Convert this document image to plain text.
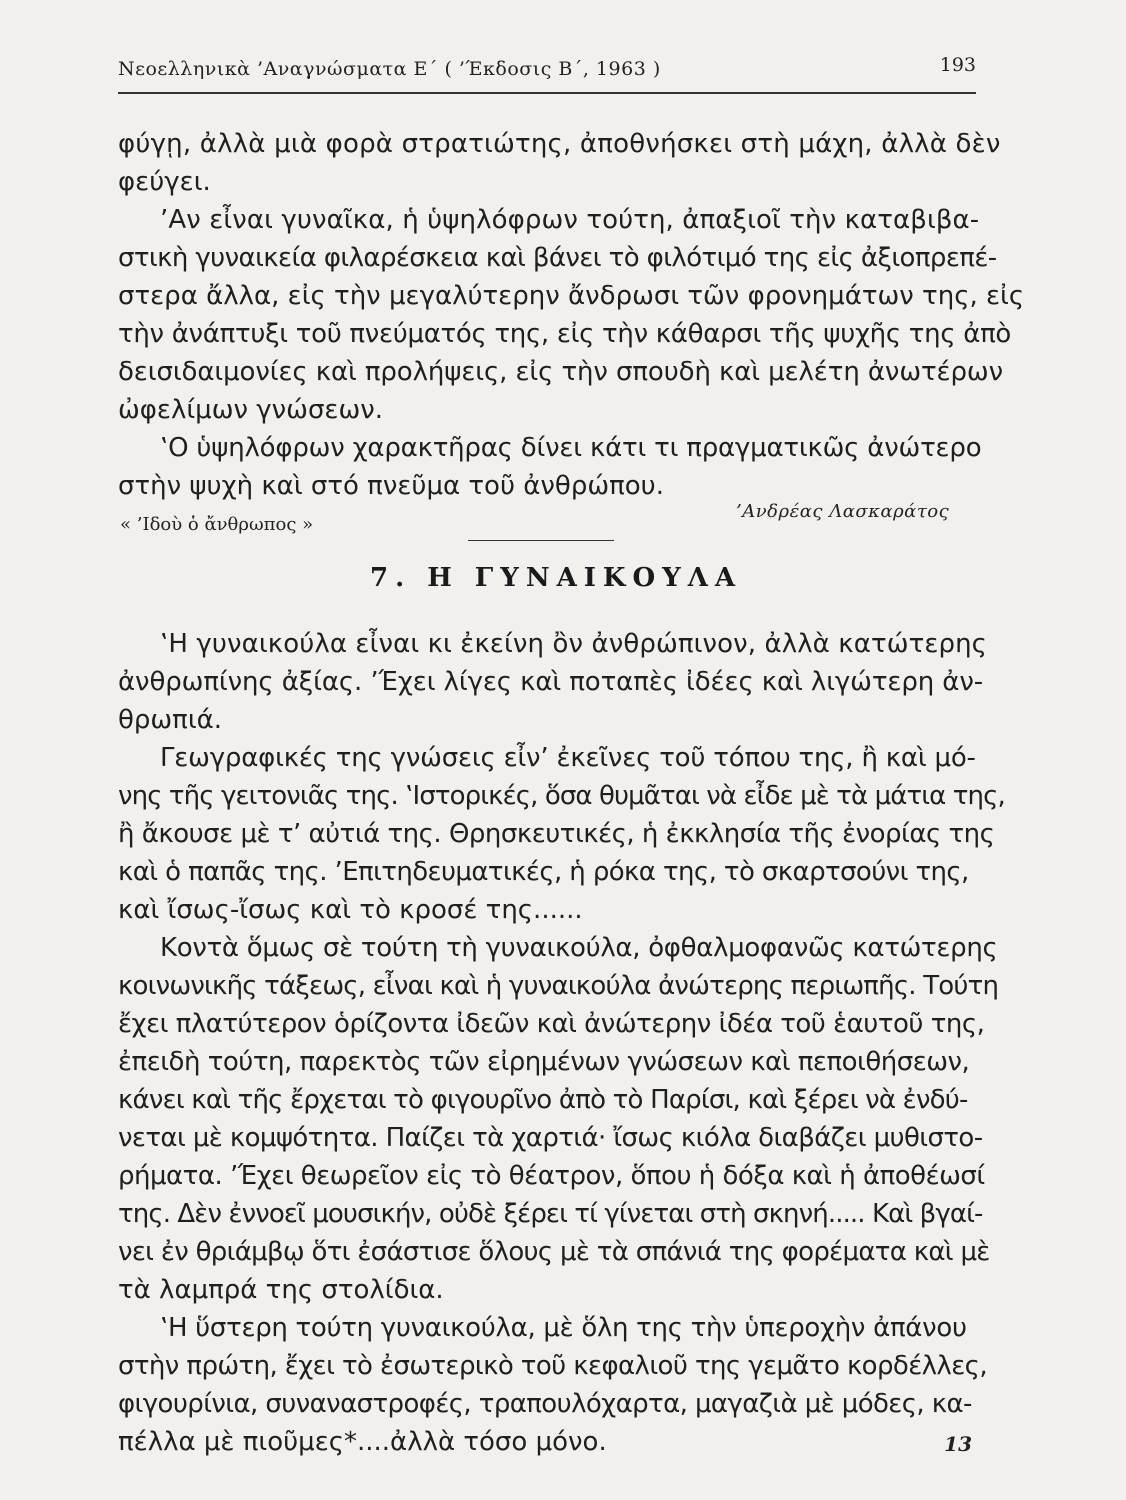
Νεοελληνικὰ ’Αναγνώσματα Ε΄ ( ’Έκδοσις Β΄, 1963 )	193
φύγῃ, ἀλλὰ μιὰ φορὰ στρατιώτης, ἀποθνήσκει στὴ μάχη, ἀλλὰ δὲν
φεύγει.
’Αν εἶναι γυναῖκα, ἡ ὑψηλόφρων τούτη, ἀπαξιοῖ τὴν καταβιβα-
στικὴ γυναικεία φιλαρέσκεια καὶ βάνει τὸ φιλότιμό της εἰς ἀξιοπρεπέ-
στερα ἄλλα, εἰς τὴν μεγαλύτερην ἄνδρωσι τῶν φρονημάτων της, εἰς
τὴν ἀνάπτυξι τοῦ πνεύματός της, εἰς τὴν κάθαρσι τῆς ψυχῆς της ἀπὸ
δεισιδαιμονίες καὶ προλήψεις, εἰς τὴν σπουδὴ καὶ μελέτη ἀνωτέρων
ὠφελίμων γνώσεων.
‛Ο ὑψηλόφρων χαρακτῆρας δίνει κάτι τι πραγματικῶς ἀνώτερο
στὴν ψυχὴ καὶ στό πνεῦμα τοῦ ἀνθρώπου.
« ’Ιδοὺ ὁ ἄνθρωπος »
’Ανδρέας Λασκαράτος
7. Η ΓΥΝΑΙΚΟΥΛΑ
‛Η γυναικούλα εἶναι κι ἐκείνη ὂν ἀνθρώπινον, ἀλλὰ κατώτερης
ἀνθρωπίνης ἀξίας. ’Έχει λίγες καὶ ποταπὲς ἰδέες καὶ λιγώτερη ἀν-
θρωπιά.
Γεωγραφικές της γνώσεις εἶν’ ἐκεῖνες τοῦ τόπου της, ἢ καὶ μό-
νης τῆς γειτονιᾶς της. ‛Ιστορικές, ὅσα θυμᾶται νὰ εἶδε μὲ τὰ μάτια της,
ἢ ἄκουσε μὲ τ’ αὐτιά της. Θρησκευτικές, ἡ ἐκκλησία τῆς ἐνορίας της
καὶ ὁ παπᾶς της. ’Επιτηδευματικές, ἡ ρόκα της, τὸ σκαρτσούνι της,
καὶ ἴσως-ἴσως καὶ τὸ κροσέ της......
Κοντὰ ὅμως σὲ τούτη τὴ γυναικούλα, ὀφθαλμοφανῶς κατώτερης
κοινωνικῆς τάξεως, εἶναι καὶ ἡ γυναικούλα ἀνώτερης περιωπῆς. Τούτη
ἔχει πλατύτερον ὁρίζοντα ἰδεῶν καὶ ἀνώτερην ἰδέα τοῦ ἑαυτοῦ της,
ἐπειδὴ τούτη, παρεκτὸς τῶν εἰρημένων γνώσεων καὶ πεποιθήσεων,
κάνει καὶ τῆς ἔρχεται τὸ φιγουρῖνο ἀπὸ τὸ Παρίσι, καὶ ξέρει νὰ ἐνδύ-
νεται μὲ κομψότητα. Παίζει τὰ χαρτιά· ἴσως κιόλα διαβάζει μυθιστο-
ρήματα. ’Έχει θεωρεῖον εἰς τὸ θέατρον, ὅπου ἡ δόξα καὶ ἡ ἀποθέωσί
της. Δὲν ἐννοεῖ μουσικήν, οὐδὲ ξέρει τί γίνεται στὴ σκηνή..... Καὶ βγαί-
νει ἐν θριάμβῳ ὅτι ἐσάστισε ὅλους μὲ τὰ σπάνιά της φορέματα καὶ μὲ
τὰ λαμπρά της στολίδια.
‛Η ὕστερη τούτη γυναικούλα, μὲ ὅλη της τὴν ὑπεροχὴν ἀπάνου
στὴν πρώτη, ἔχει τὸ ἐσωτερικὸ τοῦ κεφαλιοῦ της γεμᾶτο κορδέλλες,
φιγουρίνια, συναναστροφές, τραπουλόχαρτα, μαγαζιὰ μὲ μόδες, κα-
πέλλα μὲ πιοῦμες*....ἀλλὰ τόσο μόνο.	13
